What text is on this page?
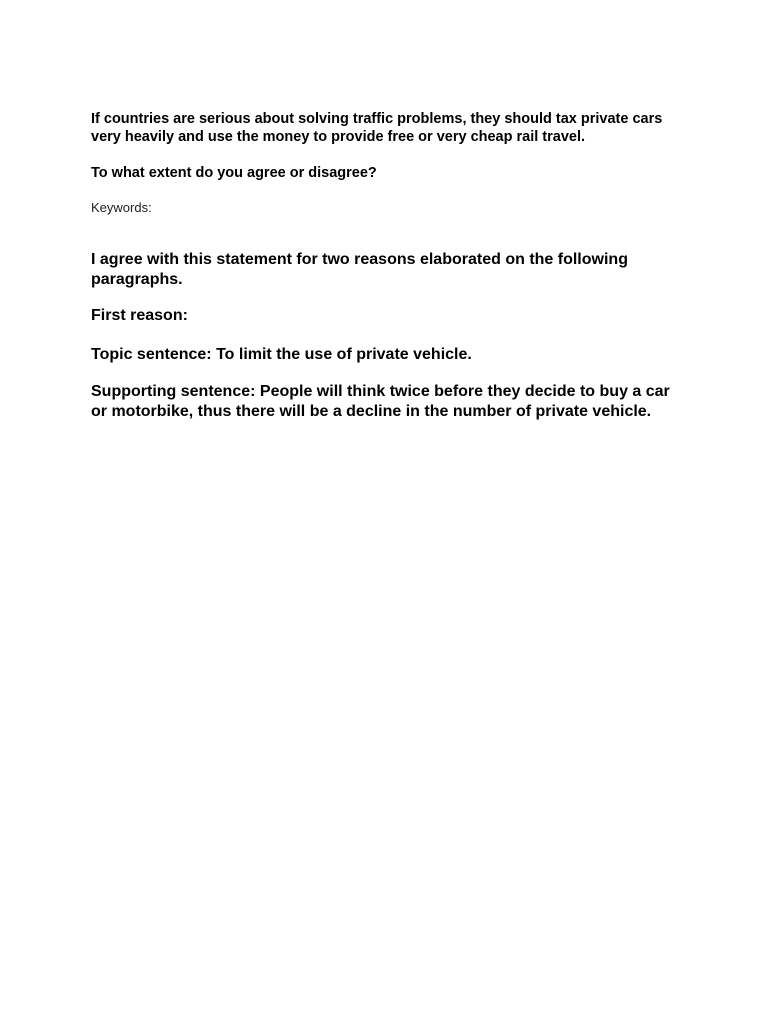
If countries are serious about solving traffic problems, they should tax private cars very heavily and use the money to provide free or very cheap rail travel.

To what extent do you agree or disagree?

Keywords:

I agree with this statement for two reasons elaborated on the following paragraphs.

First reason:

Topic sentence: To limit the use of private vehicle.

Supporting sentence: People will think twice before they decide to buy a car or motorbike, thus there will be a decline in the number of private vehicle.
